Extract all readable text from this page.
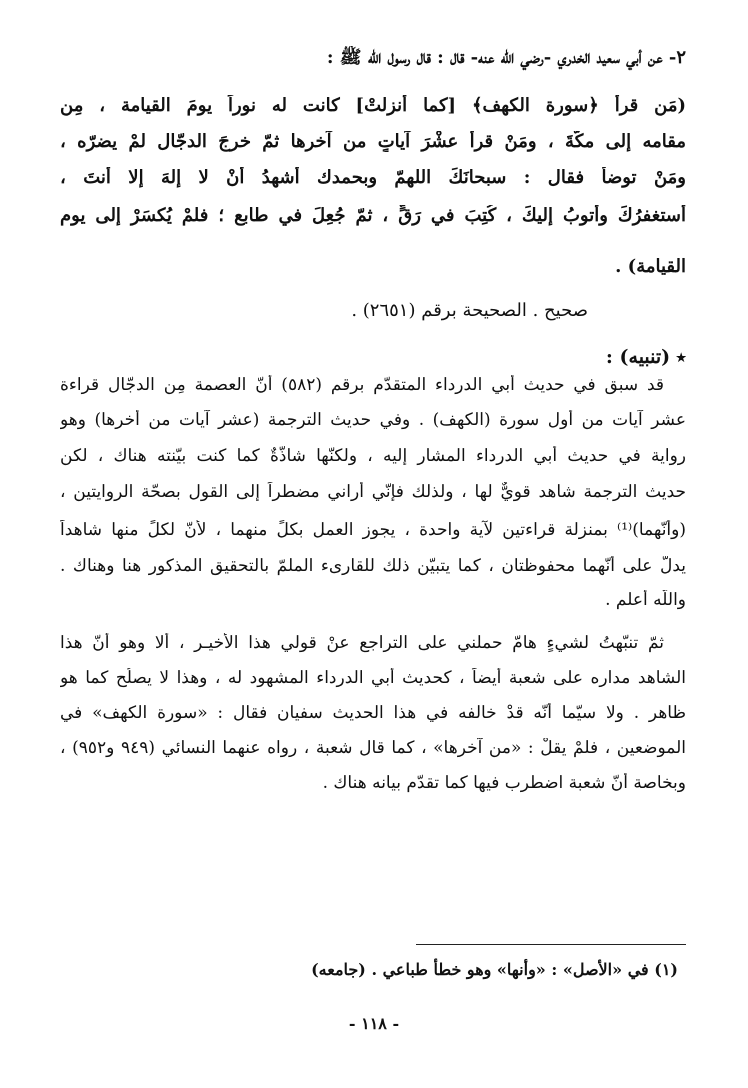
٢- عن أبي سعيد الخدري -رضي الله عنه- قال : قال رسول الله ﷺ :
(مَن قرأ ﴿سورة الكهف﴾ [كما أُنزلتْ] كانت له نوراً يومَ القيامة ، مِن
مقامه إلى مكَّةَ ، ومَنْ قرأ عشْرَ آياتٍ من آخرها ثمّ خرجَ الدجّال لمْ يضرّه ،
ومَنْ توضأَ فقال : سبحانَكَ اللهمّ وبحمدك أشهدُ أنْ لا إلهَ إلا أنتَ ،
أستغفرُكَ وأتوبُ إليكَ ، كُتِبَ في رَقٍّ ، ثمّ جُعِلَ في طابع ؛ فلمْ يُكسَرْ إلى يوم
القيامة) .
صحيح . الصحيحة برقم (٢٦٥١) .
٭(تنبيه) :
قد سبق في حديث أبي الدرداء المتقدّم برقم (٥٨٢) أنّ العصمة مِن الدجّال قراءة
عشر آيات من أول سورة (الكهف) . وفي حديث الترجمة (عشر آيات من أخرها) وهو
رواية في حديث أبي الدرداء المشار إليه ، ولكنّها شاذّةٌ كما كنت بيّنته هناك ، لكن
حديث الترجمة شاهد قويٌّ لها ، ولذلك فإنّي أراني مضطراً إلى القول بصحّة الروايتين ،
(وأنّهما)⁽¹⁾ بمنزلة قراءتين لآية واحدة ، يجوز العمل بكلٍّ منهما ، لأنّ لكلٍّ منها شاهداً
يدلُّ على أنّهما محفوظتان ، كما يتبيّن ذلك للقارىء الملمّ بالتحقيق المذكور هنا وهناك .
واللّه أعلم .
ثمّ تنبّهتُ لشيءٍ هامّ حملني على التراجع عنْ قولي هذا الأخيـر ، ألا وهو أنّ هذا
الشاهد مداره على شعبة أيضاً ، كحديث أبي الدرداء المشهود له ، وهذا لا يصلُح كما هو
ظاهر . ولا سيّما أنّه قدْ خالفه في هذا الحديث سفيان فقال : «سورة الكهف» في
الموضعين ، فلمْ يقلْ : «من آخرها» ، كما قال شعبة ، رواه عنهما النسائي (٩٤٩ و٩٥٢) ،
وبخاصة أنّ شعبة اضطرب فيها كما تقدّم بيانه هناك .
(١) في «الأصل» : «وأنها» وهو خطأ طباعي . (جامعه)
- ١١٨ -
